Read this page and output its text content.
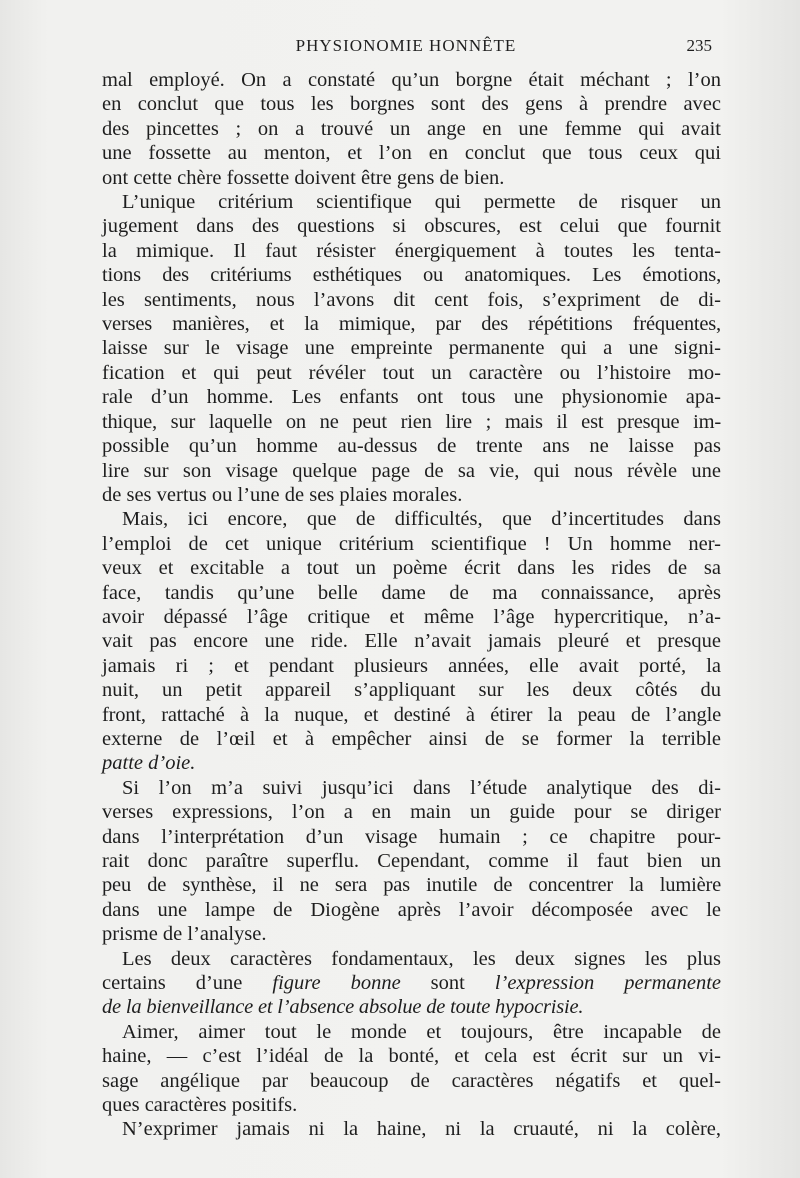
PHYSIONOMIE HONNÊTE	235
mal employé. On a constaté qu’un borgne était méchant ; l’on
en conclut que tous les borgnes sont des gens à prendre avec
des pincettes ; on a trouvé un ange en une femme qui avait
une fossette au menton, et l’on en conclut que tous ceux qui
ont cette chère fossette doivent être gens de bien.
L’unique critérium scientifique qui permette de risquer un
jugement dans des questions si obscures, est celui que fournit
la mimique. Il faut résister énergiquement à toutes les tenta-
tions des critériums esthétiques ou anatomiques. Les émotions,
les sentiments, nous l’avons dit cent fois, s’expriment de di-
verses manières, et la mimique, par des répétitions fréquentes,
laisse sur le visage une empreinte permanente qui a une signi-
fication et qui peut révéler tout un caractère ou l’histoire mo-
rale d’un homme. Les enfants ont tous une physionomie apa-
thique, sur laquelle on ne peut rien lire ; mais il est presque im-
possible qu’un homme au-dessus de trente ans ne laisse pas
lire sur son visage quelque page de sa vie, qui nous révèle une
de ses vertus ou l’une de ses plaies morales.
Mais, ici encore, que de difficultés, que d’incertitudes dans
l’emploi de cet unique critérium scientifique ! Un homme ner-
veux et excitable a tout un poème écrit dans les rides de sa
face, tandis qu’une belle dame de ma connaissance, après
avoir dépassé l’âge critique et même l’âge hypercritique, n’a-
vait pas encore une ride. Elle n’avait jamais pleuré et presque
jamais ri ; et pendant plusieurs années, elle avait porté, la
nuit, un petit appareil s’appliquant sur les deux côtés du
front, rattaché à la nuque, et destiné à étirer la peau de l’angle
externe de l’œil et à empêcher ainsi de se former la terrible
patte d’oie.
Si l’on m’a suivi jusqu’ici dans l’étude analytique des di-
verses expressions, l’on a en main un guide pour se diriger
dans l’interprétation d’un visage humain ; ce chapitre pour-
rait donc paraître superflu. Cependant, comme il faut bien un
peu de synthèse, il ne sera pas inutile de concentrer la lumière
dans une lampe de Diogène après l’avoir décomposée avec le
prisme de l’analyse.
Les deux caractères fondamentaux, les deux signes les plus
certains d’une figure bonne sont l’expression permanente
de la bienveillance et l’absence absolue de toute hypocrisie.
Aimer, aimer tout le monde et toujours, être incapable de
haine, — c’est l’idéal de la bonté, et cela est écrit sur un vi-
sage angélique par beaucoup de caractères négatifs et quel-
ques caractères positifs.
N’exprimer jamais ni la haine, ni la cruauté, ni la colère,
